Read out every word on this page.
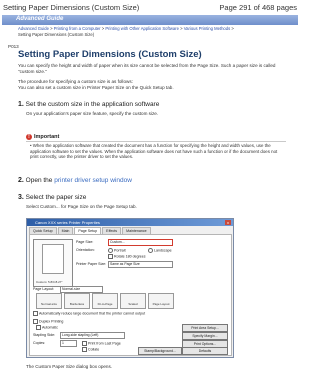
Setting Paper Dimensions (Custom Size)	Page 291 of 468 pages
Advanced Guide
Advanced Guide > Printing from a Computer > Printing with Other Application Software > Various Printing Methods >
Setting Paper Dimensions (Custom Size)
P013
Setting Paper Dimensions (Custom Size)
You can specify the height and width of paper when its size cannot be selected from the Page Size. Such a paper size is called "custom size."
The procedure for specifying a custom size is as follows:
You can also set a custom size in Printer Paper Size on the Quick Setup tab.
1. Set the custom size in the application software
On your application's paper size feature, specify the custom size.
! Important
• When the application software that created the document has a function for specifying the height and width values, use the application software to set the values. When the application software does not have such a function or if the document does not print correctly, use the printer driver to set the values.
2. Open the printer driver setup window
3. Select the paper size
Select Custom... for Page Size on the Page Setup tab.
Canon XXX series Printer Properties	x
Quick Setup	Main	Page Setup	Effects	Maintenance
Custom: 5.83×8.27"
Page Size:	Custom...
Orientation:	Portrait	Landscape
Rotate 180 degrees
Printer Paper Size:	Same as Page Size
Page Layout:	Normal-size
Normal-size	Borderless	Fit-to-Page	Scaled	Page Layout
Automatically reduce large document that the printer cannot output
Duplex Printing
Automatic	Print Area Setup...
Stapling Side:	Long-side stapling (Left)	Specify Margin...
Copies:	1	Print from Last Page
Collate
Print Options...
Stamp/Background...	Defaults
The Custom Paper Size dialog box opens.
